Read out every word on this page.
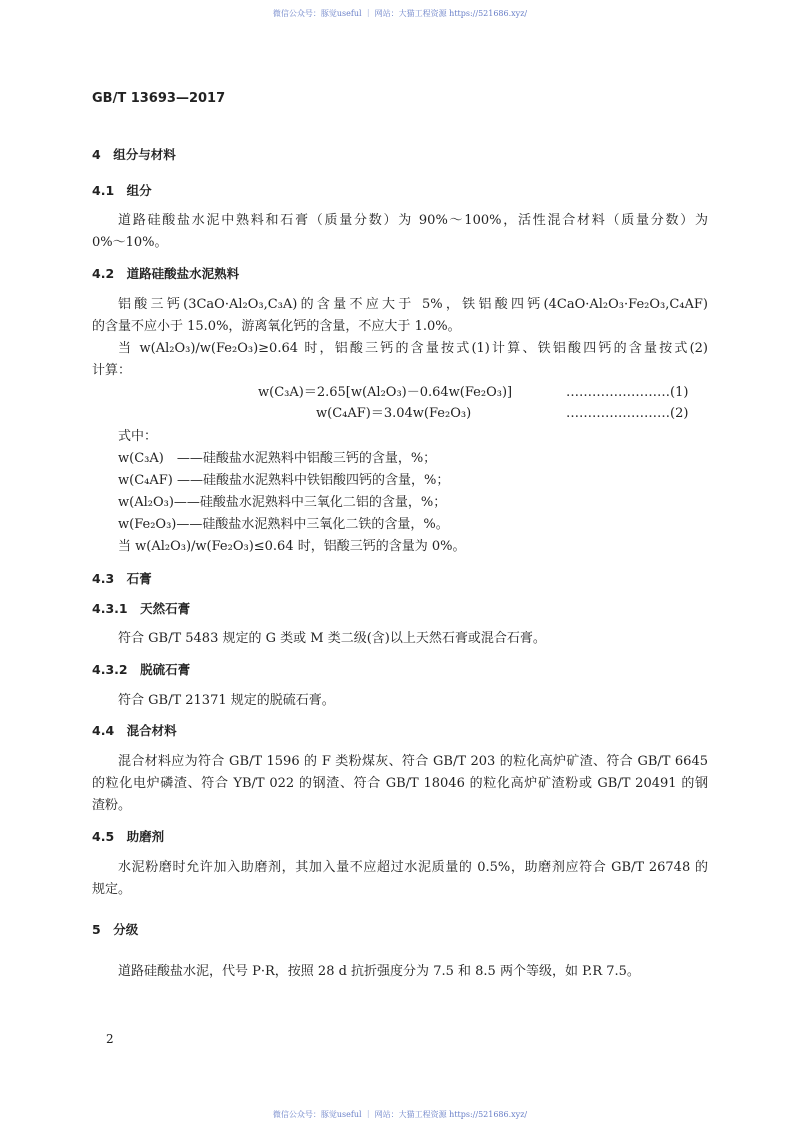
微信公众号：豚觉useful ｜ 网站：大猫工程资源 https://521686.xyz/
GB/T 13693—2017
4　组分与材料
4.1　组分
道路硅酸盐水泥中熟料和石膏（质量分数）为 90%～100%，活性混合材料（质量分数）为
0%～10%。
4.2　道路硅酸盐水泥熟料
铝酸三钙(3CaO·Al₂O₃,C₃A)的含量不应大于 5%，铁铝酸四钙(4CaO·Al₂O₃·Fe₂O₃,C₄AF)
的含量不应小于 15.0%，游离氧化钙的含量，不应大于 1.0%。
当 w(Al₂O₃)/w(Fe₂O₃)≥0.64 时，铝酸三钙的含量按式(1)计算、铁铝酸四钙的含量按式(2)
计算：
w(C₃A)＝2.65[w(Al₂O₃)－0.64w(Fe₂O₃)]	……………………(1)
w(C₄AF)＝3.04w(Fe₂O₃)	……………………(2)
式中：
w(C₃A)　——硅酸盐水泥熟料中铝酸三钙的含量，%；
w(C₄AF) ——硅酸盐水泥熟料中铁铝酸四钙的含量，%；
w(Al₂O₃)——硅酸盐水泥熟料中三氧化二铝的含量，%；
w(Fe₂O₃)——硅酸盐水泥熟料中三氧化二铁的含量，%。
当 w(Al₂O₃)/w(Fe₂O₃)≤0.64 时，铝酸三钙的含量为 0%。
4.3　石膏
4.3.1　天然石膏
符合 GB/T 5483 规定的 G 类或 M 类二级(含)以上天然石膏或混合石膏。
4.3.2　脱硫石膏
符合 GB/T 21371 规定的脱硫石膏。
4.4　混合材料
混合材料应为符合 GB/T 1596 的 F 类粉煤灰、符合 GB/T 203 的粒化高炉矿渣、符合 GB/T 6645
的粒化电炉磷渣、符合 YB/T 022 的钢渣、符合 GB/T 18046 的粒化高炉矿渣粉或 GB/T 20491 的钢
渣粉。
4.5　助磨剂
水泥粉磨时允许加入助磨剂，其加入量不应超过水泥质量的 0.5%，助磨剂应符合 GB/T 26748 的
规定。
5　分级
道路硅酸盐水泥，代号 P·R，按照 28 d 抗折强度分为 7.5 和 8.5 两个等级，如 P.R 7.5。
2
微信公众号：豚觉useful ｜ 网站：大猫工程资源 https://521686.xyz/
